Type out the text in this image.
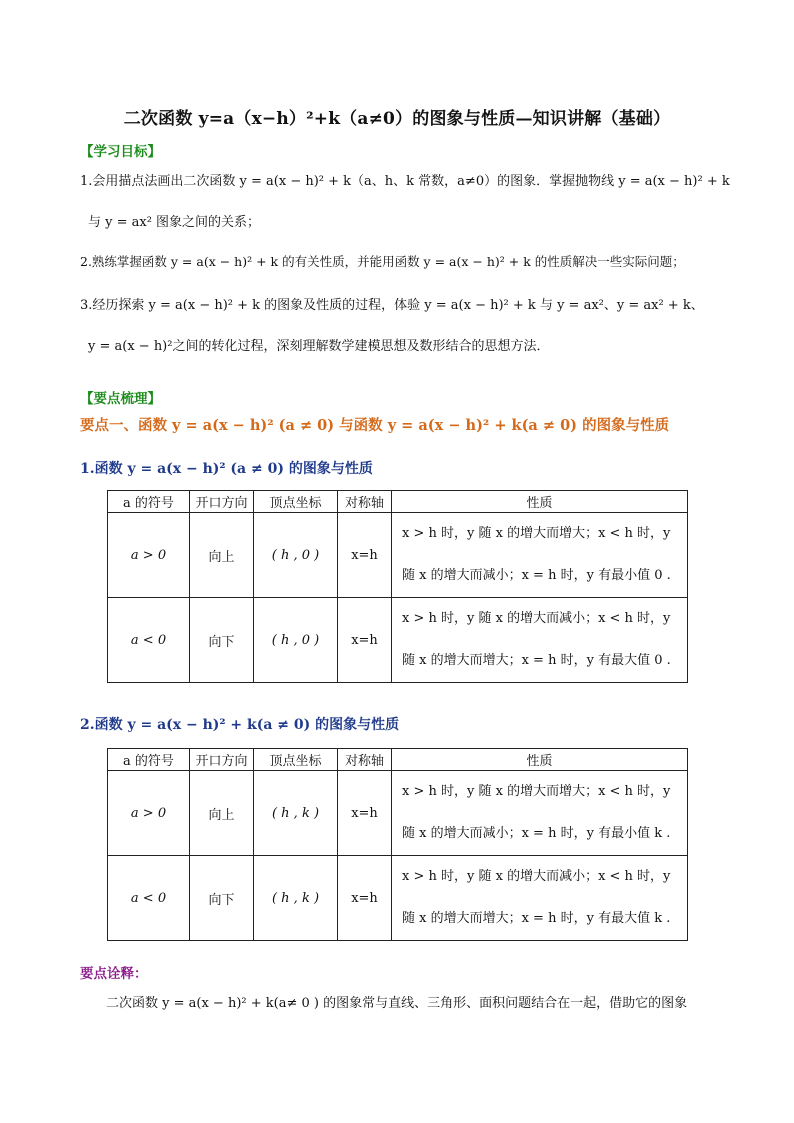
二次函数 y=a（x−h）²+k（a≠0）的图象与性质—知识讲解（基础）
【学习目标】
1.会用描点法画出二次函数 y = a(x − h)² + k（a、h、k 常数，a≠0）的图象．掌握抛物线 y = a(x − h)² + k
与 y = ax² 图象之间的关系；
2.熟练掌握函数 y = a(x − h)² + k 的有关性质，并能用函数 y = a(x − h)² + k 的性质解决一些实际问题；
3.经历探索 y = a(x − h)² + k 的图象及性质的过程，体验 y = a(x − h)² + k 与 y = ax²、y = ax² + k、
y = a(x − h)²之间的转化过程，深刻理解数学建模思想及数形结合的思想方法．
【要点梳理】
要点一、函数 y = a(x − h)² (a ≠ 0) 与函数 y = a(x − h)² + k(a ≠ 0) 的图象与性质
1.函数 y = a(x − h)² (a ≠ 0) 的图象与性质
a 的符号	开口方向	顶点坐标	对称轴	性质
a > 0	向上	( h , 0 )	x=h	x > h 时，y 随 x 的增大而增大；x < h 时，y
随 x 的增大而减小；x = h 时，y 有最小值 0 .

a < 0	向下	( h , 0 )	x=h	x > h 时，y 随 x 的增大而减小；x < h 时，y
随 x 的增大而增大；x = h 时，y 有最大值 0 .
2.函数 y = a(x − h)² + k(a ≠ 0) 的图象与性质
a 的符号	开口方向	顶点坐标	对称轴	性质
a > 0	向上	( h , k )	x=h	x > h 时，y 随 x 的增大而增大；x < h 时，y
随 x 的增大而减小；x = h 时，y 有最小值 k .

a < 0	向下	( h , k )	x=h	x > h 时，y 随 x 的增大而减小；x < h 时，y
随 x 的增大而增大；x = h 时，y 有最大值 k .
要点诠释：
二次函数 y = a(x − h)² + k(a≠ 0 ) 的图象常与直线、三角形、面积问题结合在一起，借助它的图象
